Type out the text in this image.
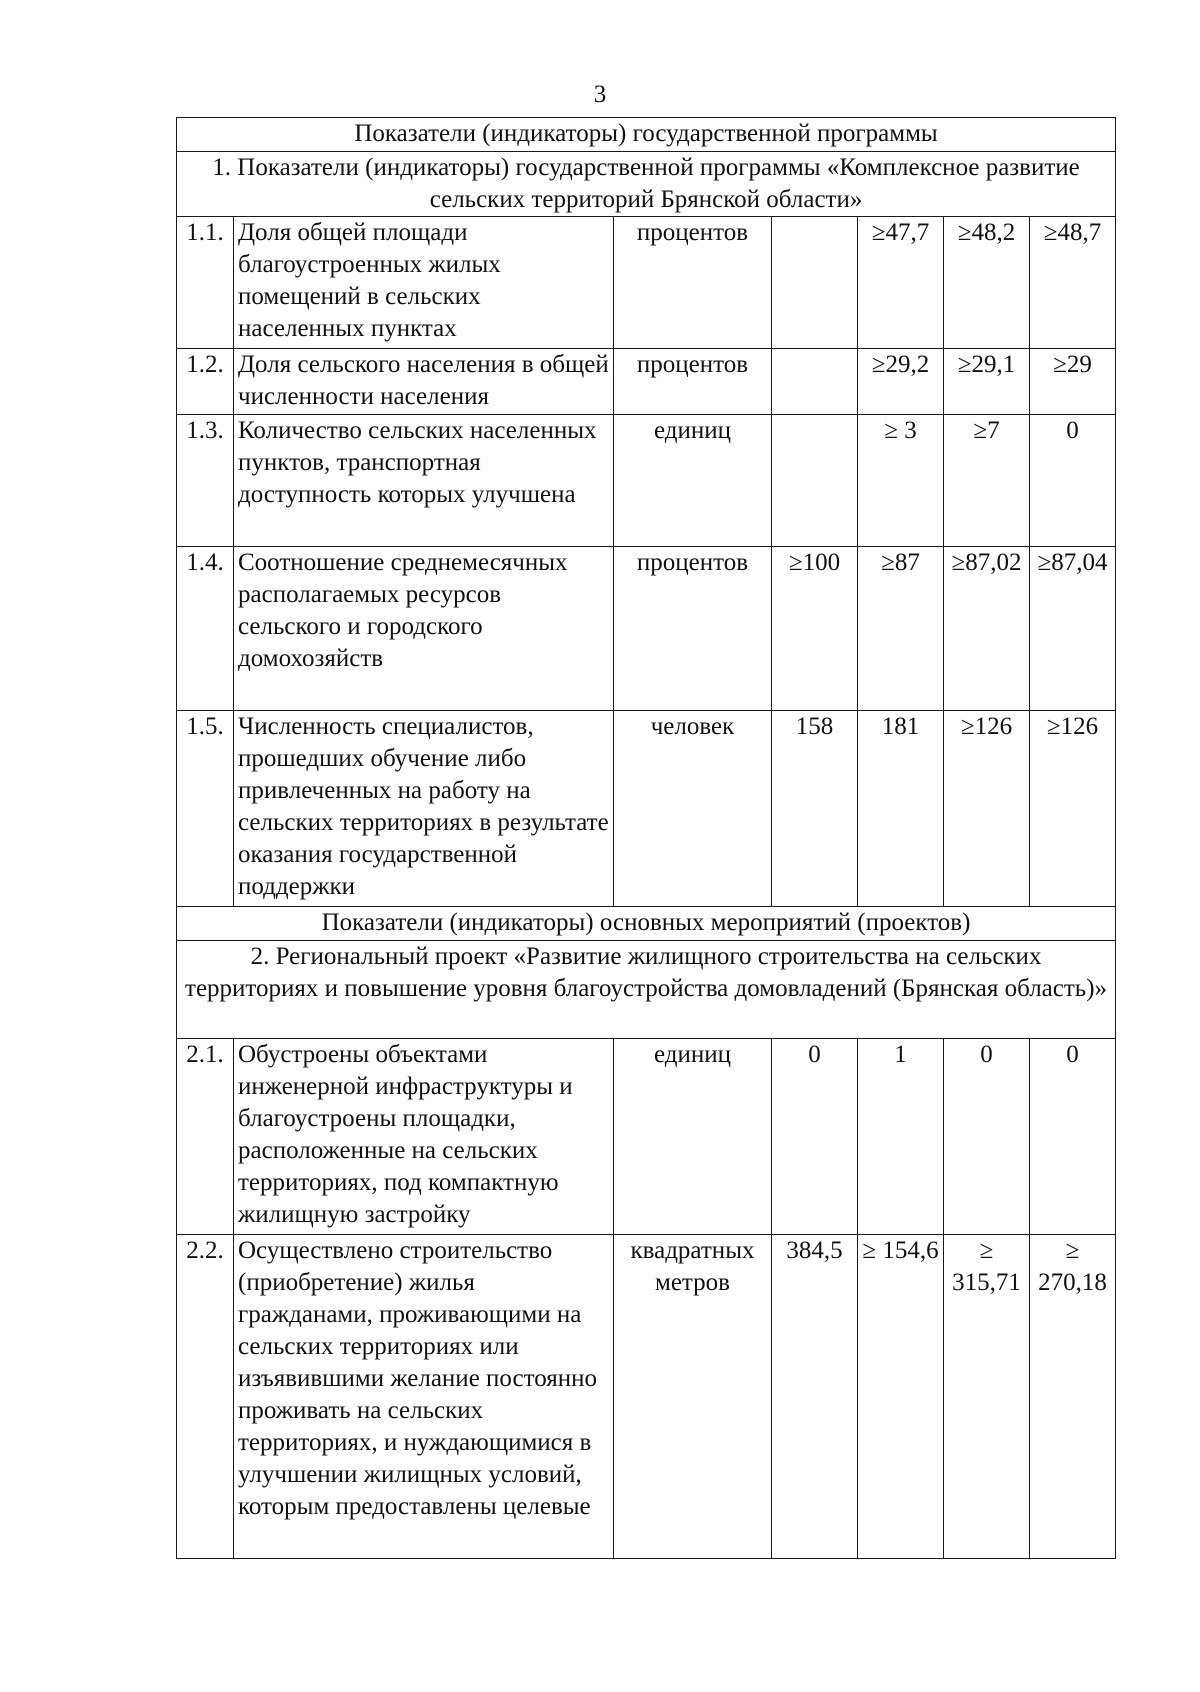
3
Показатели (индикаторы) государственной программы						
1. Показатели (индикаторы) государственной программы «Комплексное развитие сельских территорий Брянской области»						
1.1.	Доля общей площади благоустроенных жилых помещений в сельских населенных пунктах	процентов		≥47,7	≥48,2	≥48,7
1.2.	Доля сельского населения в общей численности населения	процентов		≥29,2	≥29,1	≥29
1.3.	Количество сельских населенных пунктов, транспортная доступность которых улучшена	единиц		≥ 3	≥7	0
1.4.	Соотношение среднемесячных располагаемых ресурсов сельского и городского домохозяйств	процентов	≥100	≥87	≥87,02	≥87,04
1.5.	Численность специалистов, прошедших обучение либо привлеченных на работу на сельских территориях в результате оказания государственной поддержки	человек	158	181	≥126	≥126
Показатели (индикаторы) основных мероприятий (проектов)						
2. Региональный проект «Развитие жилищного строительства на сельских территориях и повышение уровня благоустройства домовладений (Брянская область)»						
2.1.	Обустроены объектами инженерной инфраструктуры и благоустроены площадки, расположенные на сельских территориях, под компактную жилищную застройку	единиц	0	1	0	0
2.2.	Осуществлено строительство (приобретение) жилья гражданами, проживающими на сельских территориях или изъявившими желание постоянно проживать на сельских территориях, и нуждающимися в улучшении жилищных условий, которым предоставлены целевые	квадратных метров	384,5	≥ 154,6	≥ 315,71	≥ 270,18
